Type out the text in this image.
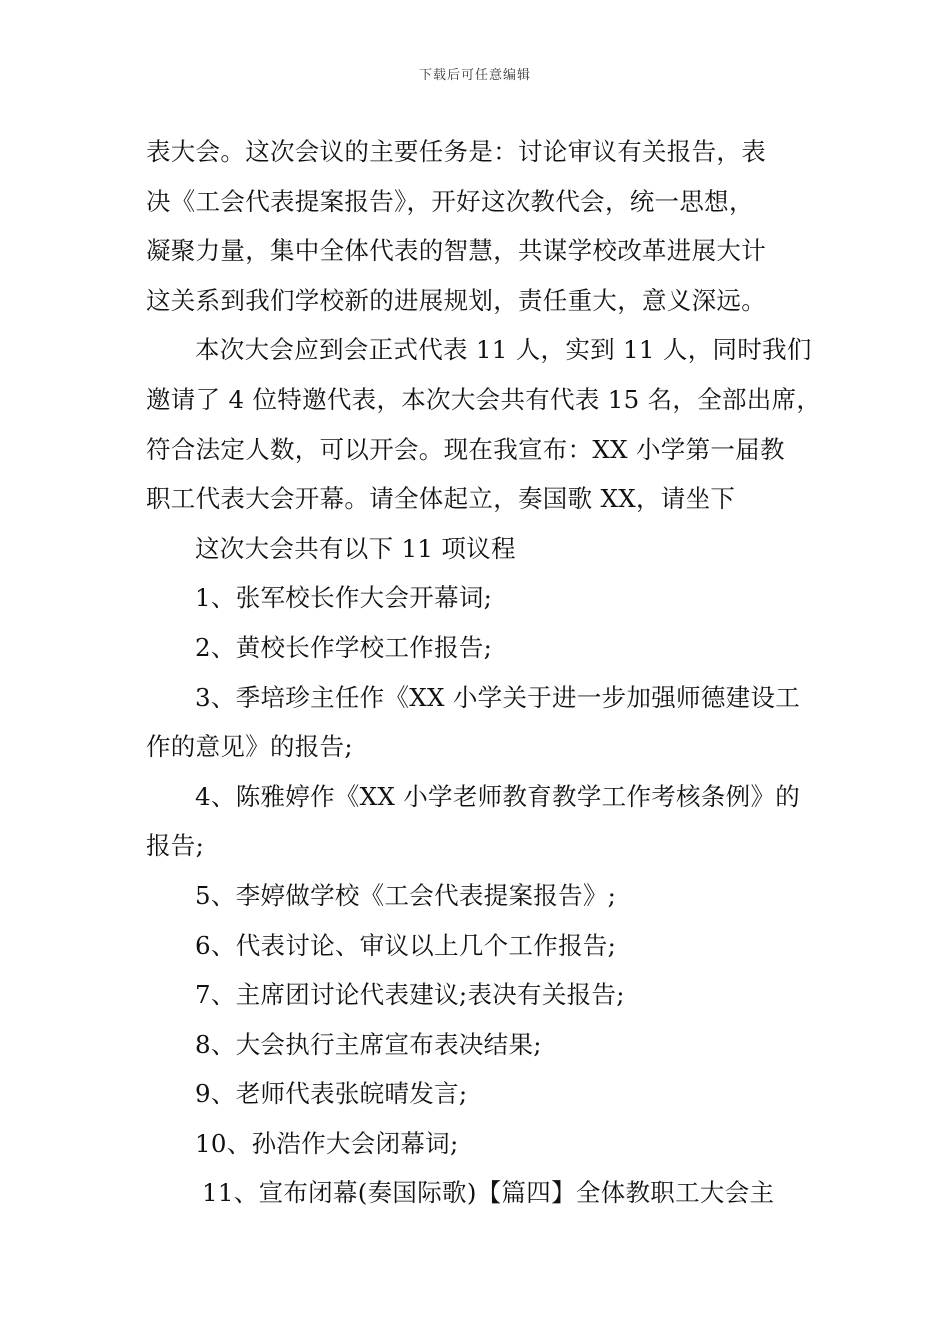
下载后可任意编辑
表大会。这次会议的主要任务是：讨论审议有关报告，表
决《工会代表提案报告》，开好这次教代会，统一思想，
凝聚力量，集中全体代表的智慧，共谋学校改革进展大计
这关系到我们学校新的进展规划，责任重大，意义深远。
本次大会应到会正式代表 11 人，实到 11 人，同时我们
邀请了 4 位特邀代表，本次大会共有代表 15 名，全部出席，
符合法定人数，可以开会。现在我宣布：XX 小学第一届教
职工代表大会开幕。请全体起立，奏国歌 XX，请坐下
这次大会共有以下 11 项议程
1、张军校长作大会开幕词;
2、黄校长作学校工作报告;
3、季培珍主任作《XX 小学关于进一步加强师德建设工
作的意见》的报告;
4、陈雅婷作《XX 小学老师教育教学工作考核条例》的
报告;
5、李婷做学校《工会代表提案报告》;
6、代表讨论、审议以上几个工作报告;
7、主席团讨论代表建议;表决有关报告;
8、大会执行主席宣布表决结果;
9、老师代表张皖晴发言;
10、孙浩作大会闭幕词;
11、宣布闭幕(奏国际歌)【篇四】全体教职工大会主
